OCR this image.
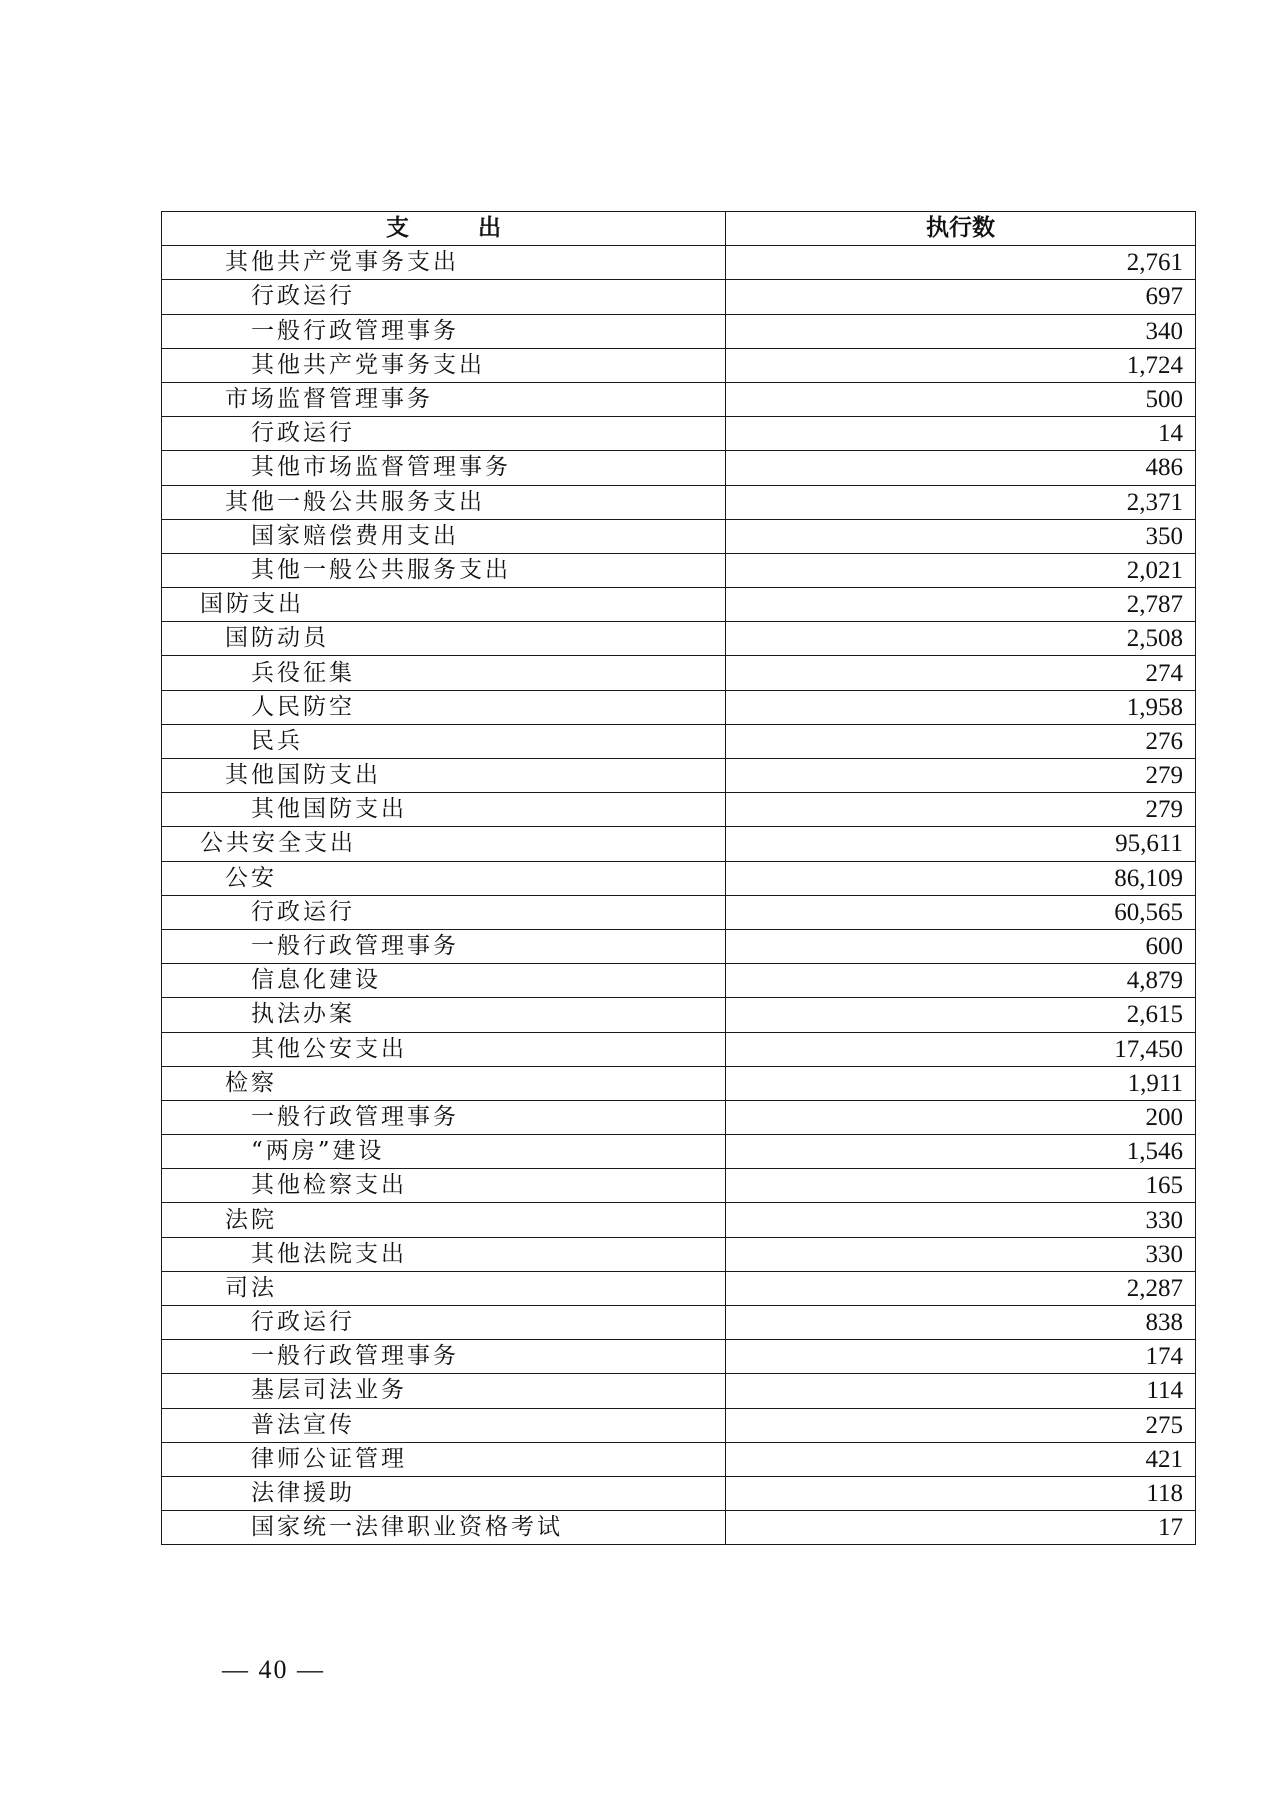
支　　　出	执行数
其他共产党事务支出	2,761
行政运行	697
一般行政管理事务	340
其他共产党事务支出	1,724
市场监督管理事务	500
行政运行	14
其他市场监督管理事务	486
其他一般公共服务支出	2,371
国家赔偿费用支出	350
其他一般公共服务支出	2,021
国防支出	2,787
国防动员	2,508
兵役征集	274
人民防空	1,958
民兵	276
其他国防支出	279
其他国防支出	279
公共安全支出	95,611
公安	86,109
行政运行	60,565
一般行政管理事务	600
信息化建设	4,879
执法办案	2,615
其他公安支出	17,450
检察	1,911
一般行政管理事务	200
“两房”建设	1,546
其他检察支出	165
法院	330
其他法院支出	330
司法	2,287
行政运行	838
一般行政管理事务	174
基层司法业务	114
普法宣传	275
律师公证管理	421
法律援助	118
国家统一法律职业资格考试	17
— 40 —
